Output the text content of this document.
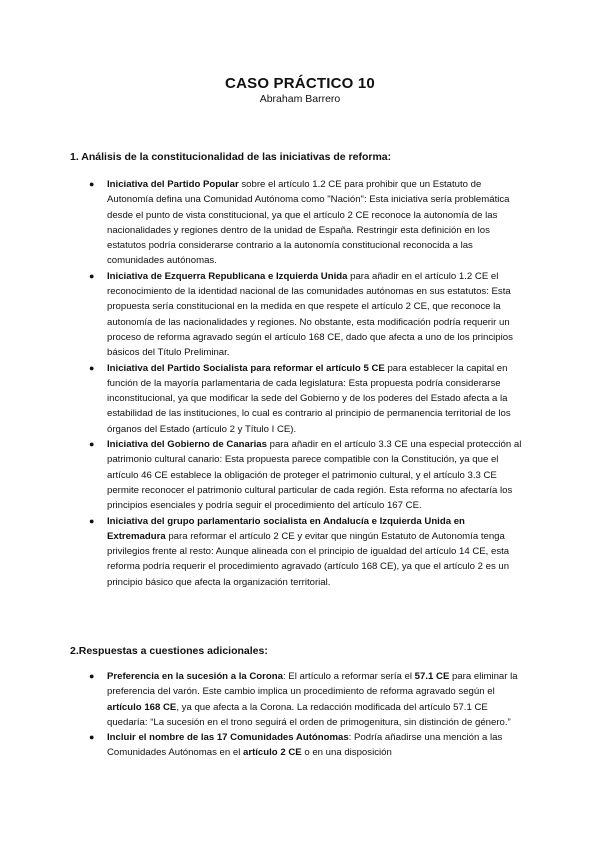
CASO PRÁCTICO 10
Abraham Barrero
1. Análisis de la constitucionalidad de las iniciativas de reforma:
● Iniciativa del Partido Popular sobre el artículo 1.2 CE para prohibir que un Estatuto de Autonomía defina una Comunidad Autónoma como "Nación": Esta iniciativa sería problemática desde el punto de vista constitucional, ya que el artículo 2 CE reconoce la autonomía de las nacionalidades y regiones dentro de la unidad de España. Restringir esta definición en los estatutos podría considerarse contrario a la autonomía constitucional reconocida a las comunidades autónomas.
● Iniciativa de Ezquerra Republicana e Izquierda Unida para añadir en el artículo 1.2 CE el reconocimiento de la identidad nacional de las comunidades autónomas en sus estatutos: Esta propuesta sería constitucional en la medida en que respete el artículo 2 CE, que reconoce la autonomía de las nacionalidades y regiones. No obstante, esta modificación podría requerir un proceso de reforma agravado según el artículo 168 CE, dado que afecta a uno de los principios básicos del Título Preliminar.
● Iniciativa del Partido Socialista para reformar el artículo 5 CE para establecer la capital en función de la mayoría parlamentaria de cada legislatura: Esta propuesta podría considerarse inconstitucional, ya que modificar la sede del Gobierno y de los poderes del Estado afecta a la estabilidad de las instituciones, lo cual es contrario al principio de permanencia territorial de los órganos del Estado (artículo 2 y Título I CE).
● Iniciativa del Gobierno de Canarias para añadir en el artículo 3.3 CE una especial protección al patrimonio cultural canario: Esta propuesta parece compatible con la Constitución, ya que el artículo 46 CE establece la obligación de proteger el patrimonio cultural, y el artículo 3.3 CE permite reconocer el patrimonio cultural particular de cada región. Esta reforma no afectaría los principios esenciales y podría seguir el procedimiento del artículo 167 CE.
● Iniciativa del grupo parlamentario socialista en Andalucía e Izquierda Unida en Extremadura para reformar el artículo 2 CE y evitar que ningún Estatuto de Autonomía tenga privilegios frente al resto: Aunque alineada con el principio de igualdad del artículo 14 CE, esta reforma podría requerir el procedimiento agravado (artículo 168 CE), ya que el artículo 2 es un principio básico que afecta la organización territorial.
2.Respuestas a cuestiones adicionales:
● Preferencia en la sucesión a la Corona: El artículo a reformar sería el 57.1 CE para eliminar la preferencia del varón. Este cambio implica un procedimiento de reforma agravado según el artículo 168 CE, ya que afecta a la Corona. La redacción modificada del artículo 57.1 CE quedaría: “La sucesión en el trono seguirá el orden de primogenitura, sin distinción de género.”
● Incluir el nombre de las 17 Comunidades Autónomas: Podría añadirse una mención a las Comunidades Autónomas en el artículo 2 CE o en una disposición
